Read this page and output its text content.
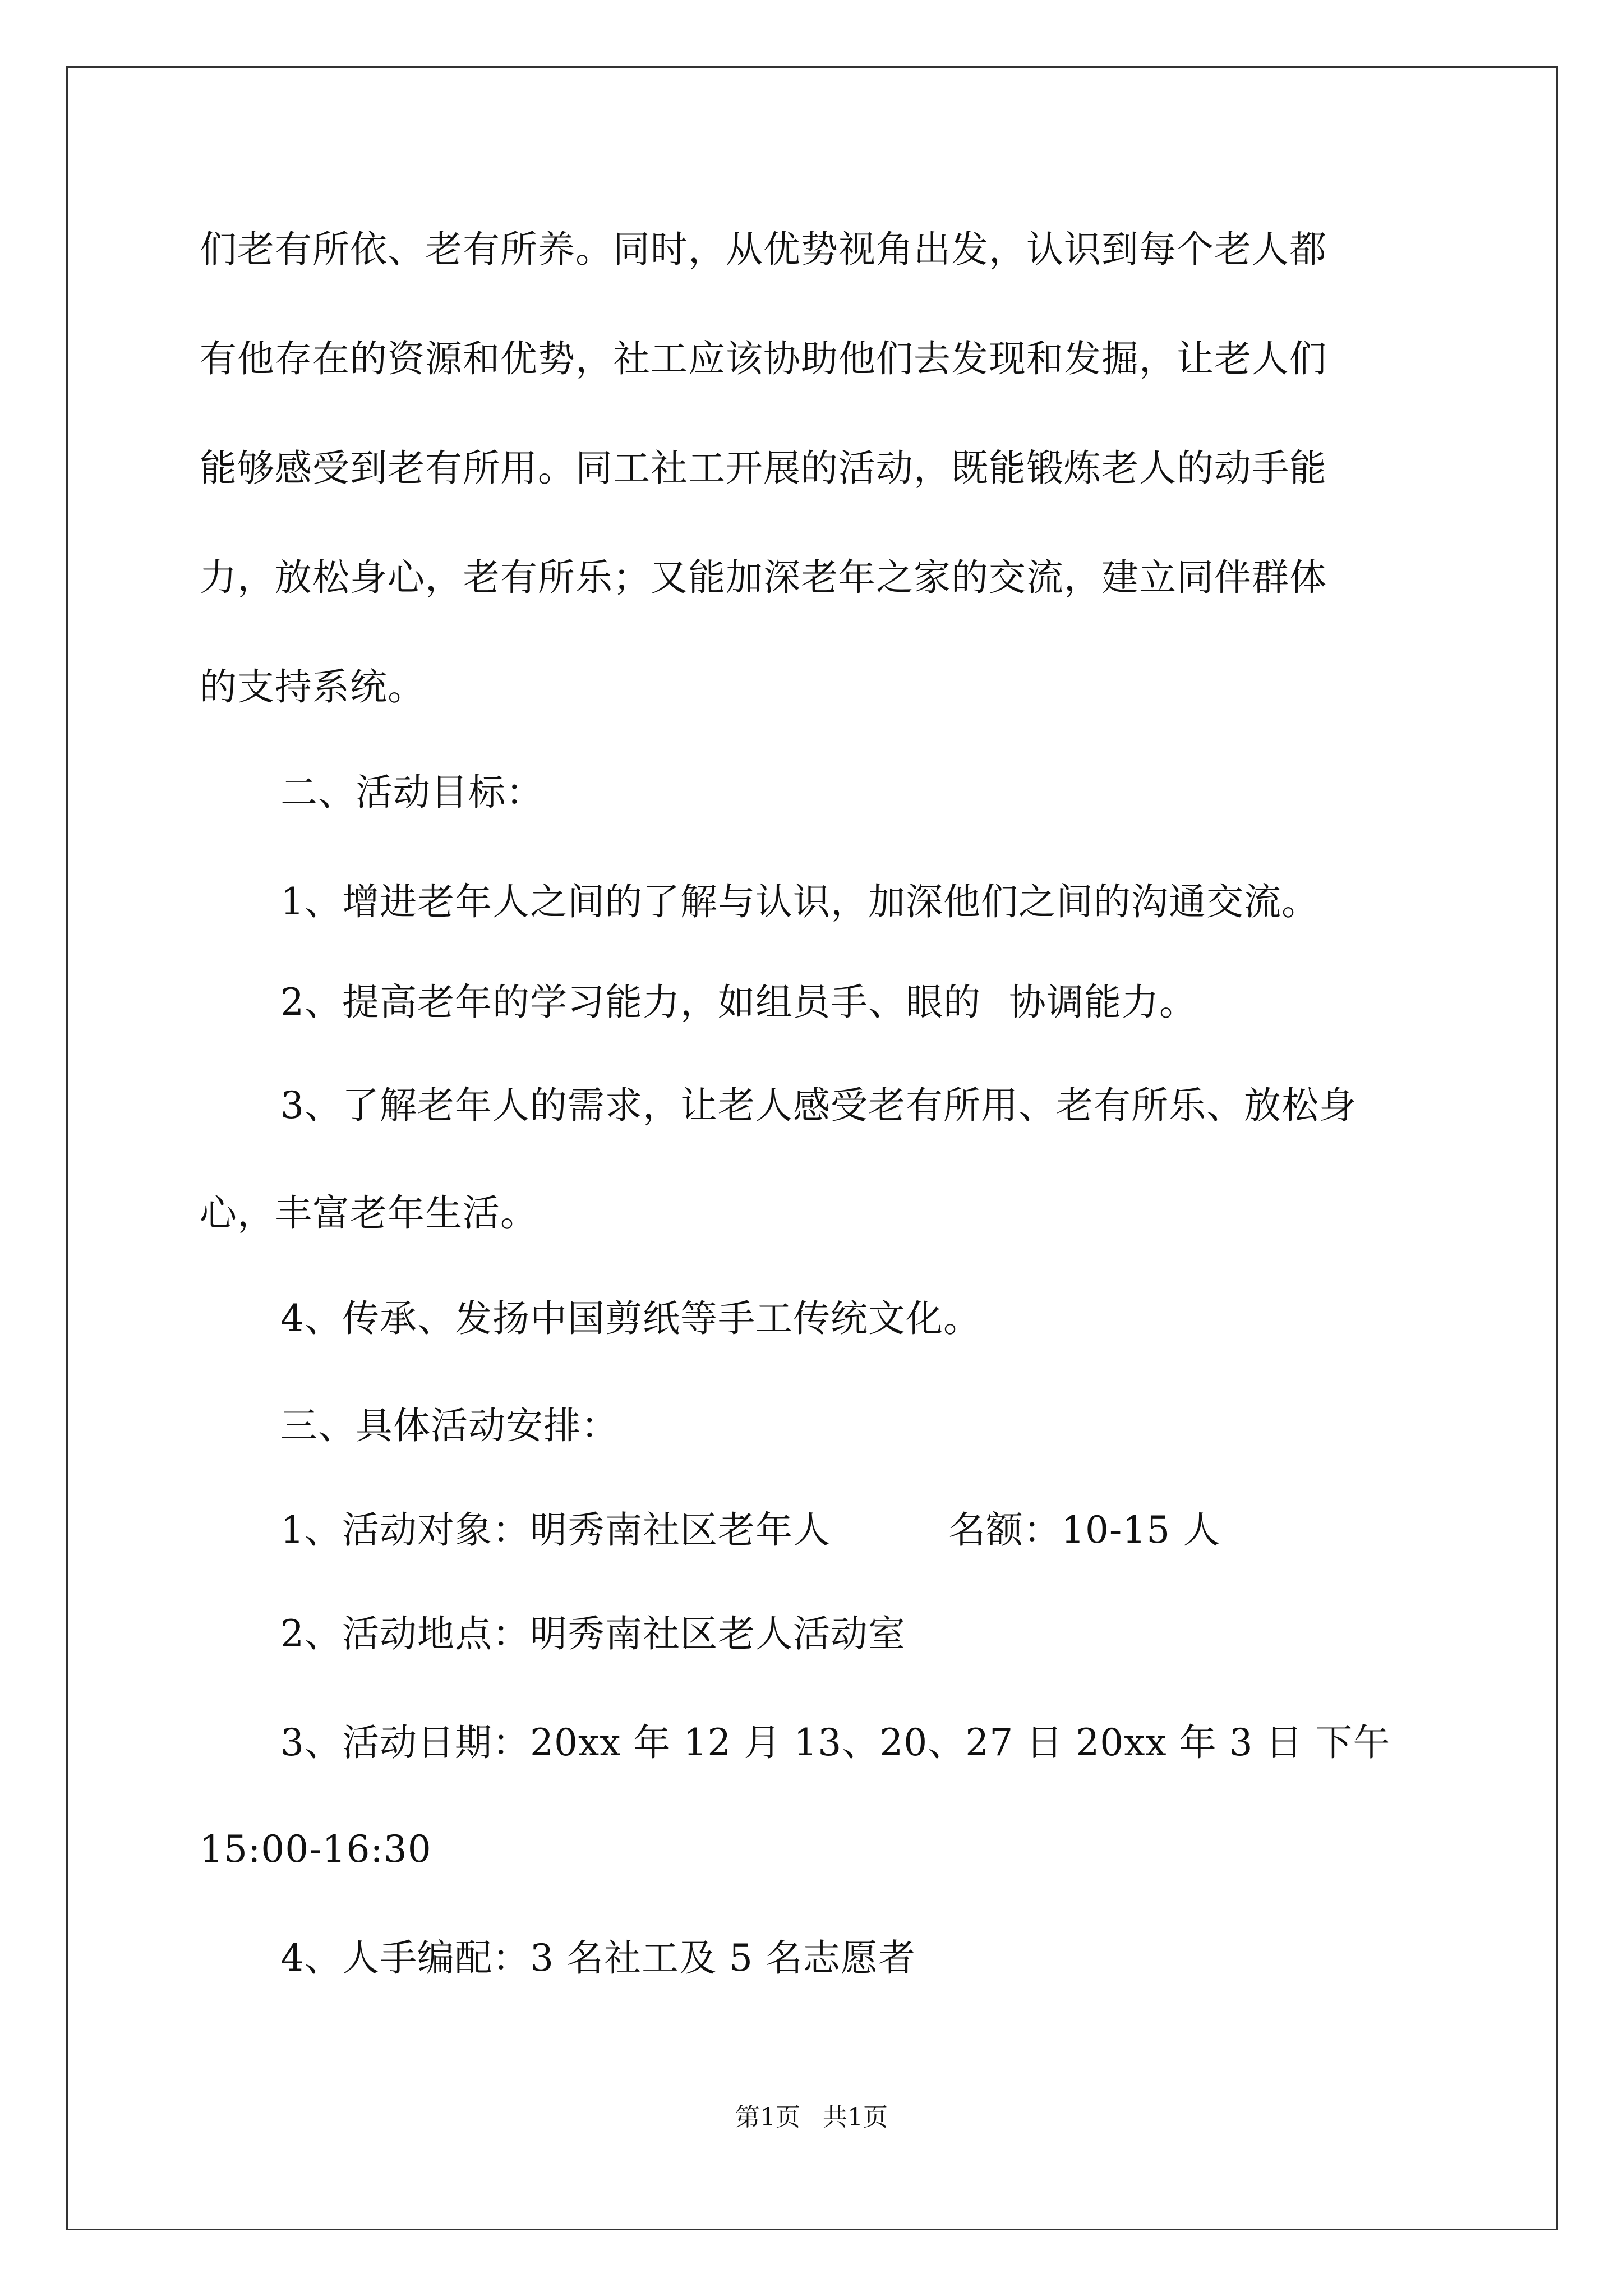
们老有所依、老有所养。同时，从优势视角出发，认识到每个老人都
有他存在的资源和优势，社工应该协助他们去发现和发掘，让老人们
能够感受到老有所用。同工社工开展的活动，既能锻炼老人的动手能
力，放松身心，老有所乐；又能加深老年之家的交流，建立同伴群体
的支持系统。
二、活动目标：
1、增进老年人之间的了解与认识，加深他们之间的沟通交流。
2、提高老年的学习能力，如组员手、眼的 协调能力。
3、了解老年人的需求，让老人感受老有所用、老有所乐、放松身
心，丰富老年生活。
4、传承、发扬中国剪纸等手工传统文化。
三、具体活动安排：
1、活动对象：明秀南社区老年人	名额：10-15 人
2、活动地点：明秀南社区老人活动室
3、活动日期：20xx 年 12 月 13、20、27 日 20xx 年 3 日 下午
15:00-16:30
4、人手编配：3 名社工及 5 名志愿者
第1页 共1页
